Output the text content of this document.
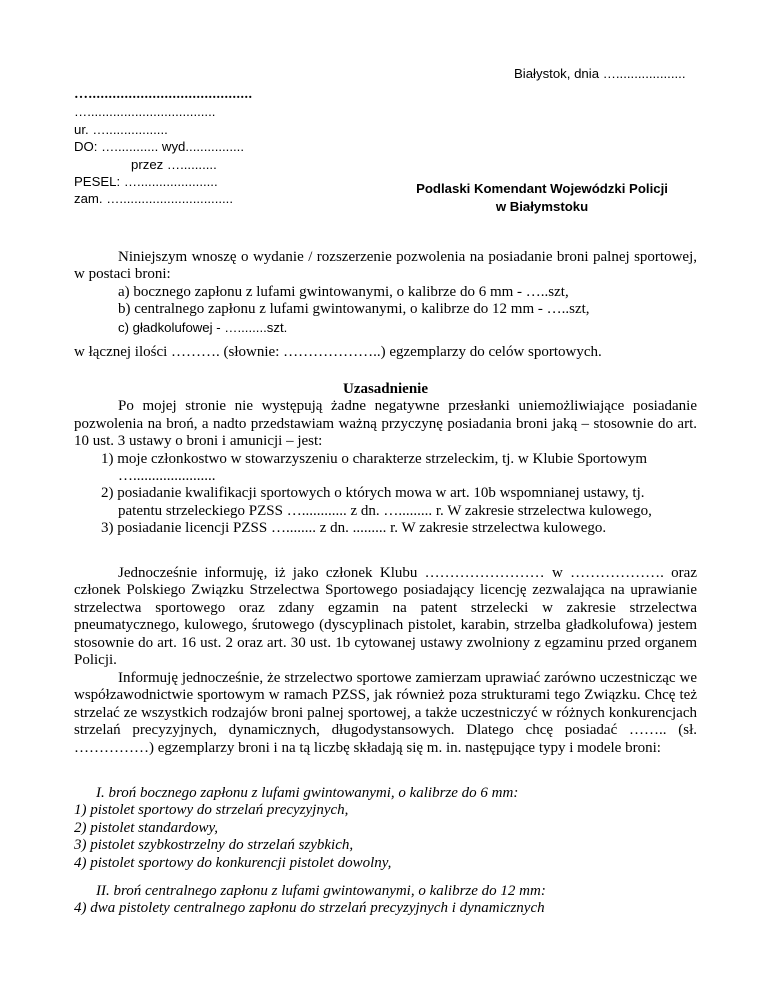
Białystok, dnia …...................
….........................................
…...................................
ur. ….................
DO: …............ wyd................
przez …..........
PESEL: …......................
zam. …...............................
Podlaski Komendant Wojewódzki Policji
w Białymstoku
Niniejszym wnoszę o wydanie / rozszerzenie pozwolenia na posiadanie broni palnej sportowej, w postaci broni:
a) bocznego zapłonu z lufami gwintowanymi, o kalibrze do 6 mm - …..szt,
b) centralnego zapłonu z lufami gwintowanymi, o kalibrze do 12 mm - …..szt,
c) gładkolufowej - …........szt.
w łącznej ilości ………. (słownie: ………………..) egzemplarzy do celów sportowych.
Uzasadnienie
Po mojej stronie nie występują żadne negatywne przesłanki uniemożliwiające posiadanie pozwolenia na broń, a nadto przedstawiam ważną przyczynę posiadania broni jaką – stosownie do art. 10 ust. 3 ustawy o broni i amunicji – jest:
1) moje członkostwo w stowarzyszeniu o charakterze strzeleckim, tj. w Klubie Sportowym
…......................
2) posiadanie kwalifikacji sportowych o których mowa w art. 10b wspomnianej ustawy, tj.
patentu strzeleckiego PZSS …............ z dn. …......... r. W zakresie strzelectwa kulowego,
3) posiadanie licencji PZSS …........ z dn. ......... r. W zakresie strzelectwa kulowego.
Jednocześnie informuję, iż jako członek Klubu …………………… w ………………. oraz członek Polskiego Związku Strzelectwa Sportowego posiadający licencję zezwalająca na uprawianie strzelectwa sportowego oraz zdany egzamin na patent strzelecki w zakresie strzelectwa pneumatycznego, kulowego, śrutowego (dyscyplinach pistolet, karabin, strzelba gładkolufowa) jestem stosownie do art. 16 ust. 2 oraz art. 30 ust. 1b cytowanej ustawy zwolniony z egzaminu przed organem Policji.
Informuję jednocześnie, że strzelectwo sportowe zamierzam uprawiać zarówno uczestnicząc we współzawodnictwie sportowym w ramach PZSS, jak również poza strukturami tego Związku. Chcę też strzelać ze wszystkich rodzajów broni palnej sportowej, a także uczestniczyć w różnych konkurencjach strzelań precyzyjnych, dynamicznych, długodystansowych. Dlatego chcę posiadać …….. (sł. ……………) egzemplarzy broni i na tą liczbę składają się m. in. następujące typy i modele broni:
I. broń bocznego zapłonu z lufami gwintowanymi, o kalibrze do 6 mm:
1) pistolet sportowy do strzelań precyzyjnych,
2) pistolet standardowy,
3) pistolet szybkostrzelny do strzelań szybkich,
4) pistolet sportowy do konkurencji pistolet dowolny,
II. broń centralnego zapłonu z lufami gwintowanymi, o kalibrze do 12 mm:
4) dwa pistolety centralnego zapłonu do strzelań precyzyjnych i dynamicznych
